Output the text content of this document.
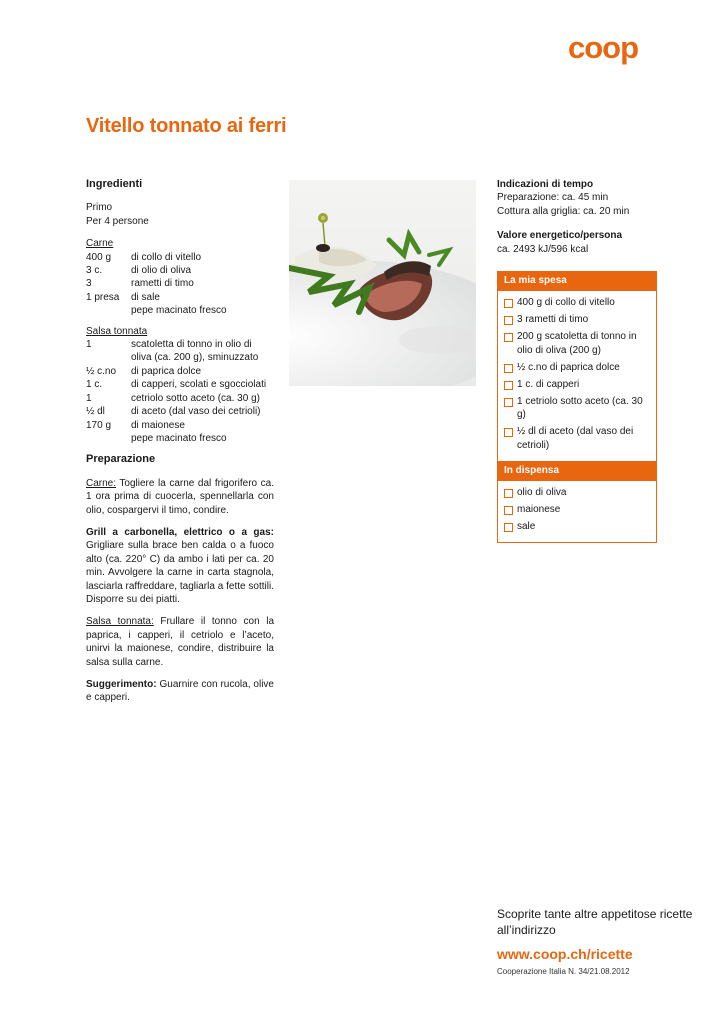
coop
Vitello tonnato ai ferri
Ingredienti
Primo
Per 4 persone
Carne
400 g	di collo di vitello
3 c.	di olio di oliva
3	rametti di timo
1 presa	di sale
	pepe macinato fresco
Salsa tonnata
1	scatoletta di tonno in olio di oliva (ca. 200 g), sminuzzato
½ c.no	di paprica dolce
1 c.	di capperi, scolati e sgocciolati
1	cetriolo sotto aceto (ca. 30 g)
½ dl	di aceto (dal vaso dei cetrioli)
170 g	di maionese
	pepe macinato fresco
Preparazione

Carne: Togliere la carne dal frigorifero ca. 1 ora prima di cuocerla, spennellarla con olio, cospargervi il timo, condire.

Grill a carbonella, elettrico o a gas: Grigliare sulla brace ben calda o a fuoco alto (ca. 220° C) da ambo i lati per ca. 20 min. Avvolgere la carne in carta stagnola, lasciarla raffreddare, tagliarla a fette sottili. Disporre su dei piatti.

Salsa tonnata: Frullare il tonno con la paprica, i capperi, il cetriolo e l’aceto, unirvi la maionese, condire, distribuire la salsa sulla carne.

Suggerimento: Guarnire con rucola, olive e capperi.

Indicazioni di tempo
Preparazione: ca. 45 min
Cottura alla griglia: ca. 20 min
Valore energetico/persona
ca. 2493 kJ/596 kcal
La mia spesa
400 g di collo di vitello
3 rametti di timo
200 g scatoletta di tonno in olio di oliva (200 g)
½ c.no di paprica dolce
1 c. di capperi
1 cetriolo sotto aceto (ca. 30 g)
½ dl di aceto (dal vaso dei cetrioli)
In dispensa
olio di oliva
maionese
sale
Scoprite tante altre appetitose ricette all’indirizzo
www.coop.ch/ricette
Cooperazione Italia N. 34/21.08.2012
